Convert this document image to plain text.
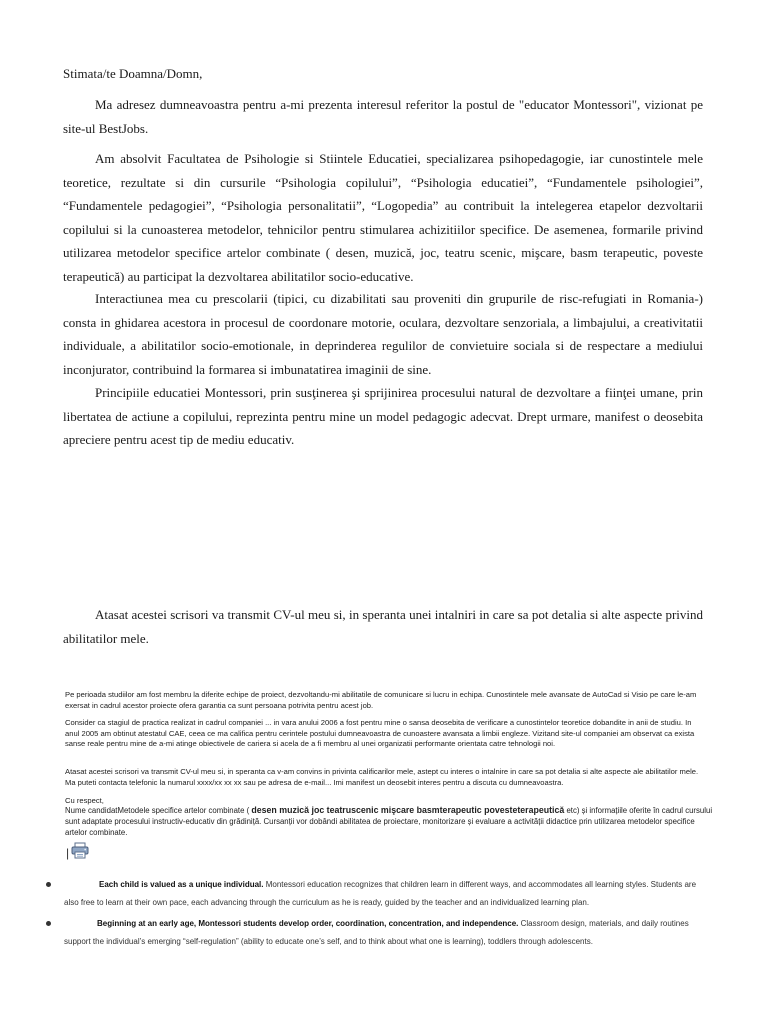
Stimata/te Doamna/Domn,

Ma adresez dumneavoastra pentru a-mi prezenta interesul referitor la postul de "educator Montessori", vizionat pe site-ul BestJobs.

Am absolvit Facultatea de Psihologie si Stiintele Educatiei, specializarea psihopedagogie, iar cunostintele mele teoretice, rezultate si din cursurile “Psihologia copilului”, “Psihologia educatiei”, “Fundamentele psihologiei”, “Fundamentele pedagogiei”, “Psihologia personalitatii”, “Logopedia” au contribuit la intelegerea etapelor dezvoltarii copilului si la cunoasterea metodelor, tehnicilor pentru stimularea achizitiilor specifice. De asemenea, formarile privind utilizarea metodelor specifice artelor combinate ( desen, muzică, joc, teatru scenic, mişcare, basm terapeutic, poveste terapeutică) au participat la dezvoltarea abilitatilor socio-educative.

Interactiunea mea cu prescolarii (tipici, cu dizabilitati sau proveniti din grupurile de risc-refugiati in Romania-) consta in ghidarea acestora in procesul de coordonare motorie, oculara, dezvoltare senzoriala, a limbajului, a creativitatii individuale, a abilitatilor socio-emotionale, in deprinderea regulilor de convietuire sociala si de respectare a mediului inconjurator, contribuind la formarea si imbunatatirea imaginii de sine.

Principiile educatiei Montessori, prin susţinerea şi sprijinirea procesului natural de dezvoltare a fiinţei umane, prin libertatea de actiune a copilului, reprezinta pentru mine un model pedagogic adecvat. Drept urmare, manifest o deosebita apreciere pentru acest tip de mediu educativ.

Atasat acestei scrisori va transmit CV-ul meu si, in speranta unei intalniri in care sa pot detalia si alte aspecte privind abilitatilor mele.

Pe perioada studiilor am fost membru la diferite echipe de proiect, dezvoltandu-mi abilitatile de comunicare si lucru in echipa. Cunostintele mele avansate de AutoCad si Visio pe care le-am exersat in cadrul acestor proiecte ofera garantia ca sunt persoana potrivita pentru acest job.
Consider ca stagiul de practica realizat in cadrul companiei ... in vara anului 2006 a fost pentru mine o sansa deosebita de verificare a cunostintelor teoretice dobandite in anii de studiu. In anul 2005 am obtinut atestatul CAE, ceea ce ma califica pentru cerintele postului dumneavoastra de cunoastere avansata a limbii engleze. Vizitand site-ul companiei am observat ca exista sanse reale pentru mine de a-mi atinge obiectivele de cariera si acela de a fi membru al unei organizatii performante orientata catre tehnologii noi.
Atasat acestei scrisori va transmit CV-ul meu si, in speranta ca v-am convins in privinta calificarilor mele, astept cu interes o intalnire in care sa pot detalia si alte aspecte ale abilitatilor mele. Ma puteti contacta telefonic la numarul xxxx/xx xx xx sau pe adresa de e-mail... Imi manifest un deosebit interes pentru a discuta cu dumneavoastra.
Cu respect,
Nume candidatMetodele specifice artelor combinate ( desen muzică joc teatruscenic mişcare basmterapeutic povesteterapeutică etc) și informațiile oferite în cadrul cursului sunt adaptate procesului instructiv-educativ din grădiniță. Cursanții vor dobândi abilitatea de proiectare, monitorizare și evaluare a activității didactice prin utilizarea metodelor specifice artelor combinate.
|
Each child is valued as a unique individual. Montessori education recognizes that children learn in different ways, and accommodates all learning styles. Students are also free to learn at their own pace, each advancing through the curriculum as he is ready, guided by the teacher and an individualized learning plan.
Beginning at an early age, Montessori students develop order, coordination, concentration, and independence. Classroom design, materials, and daily routines support the individual’s emerging “self-regulation” (ability to educate one’s self, and to think about what one is learning), toddlers through adolescents.
